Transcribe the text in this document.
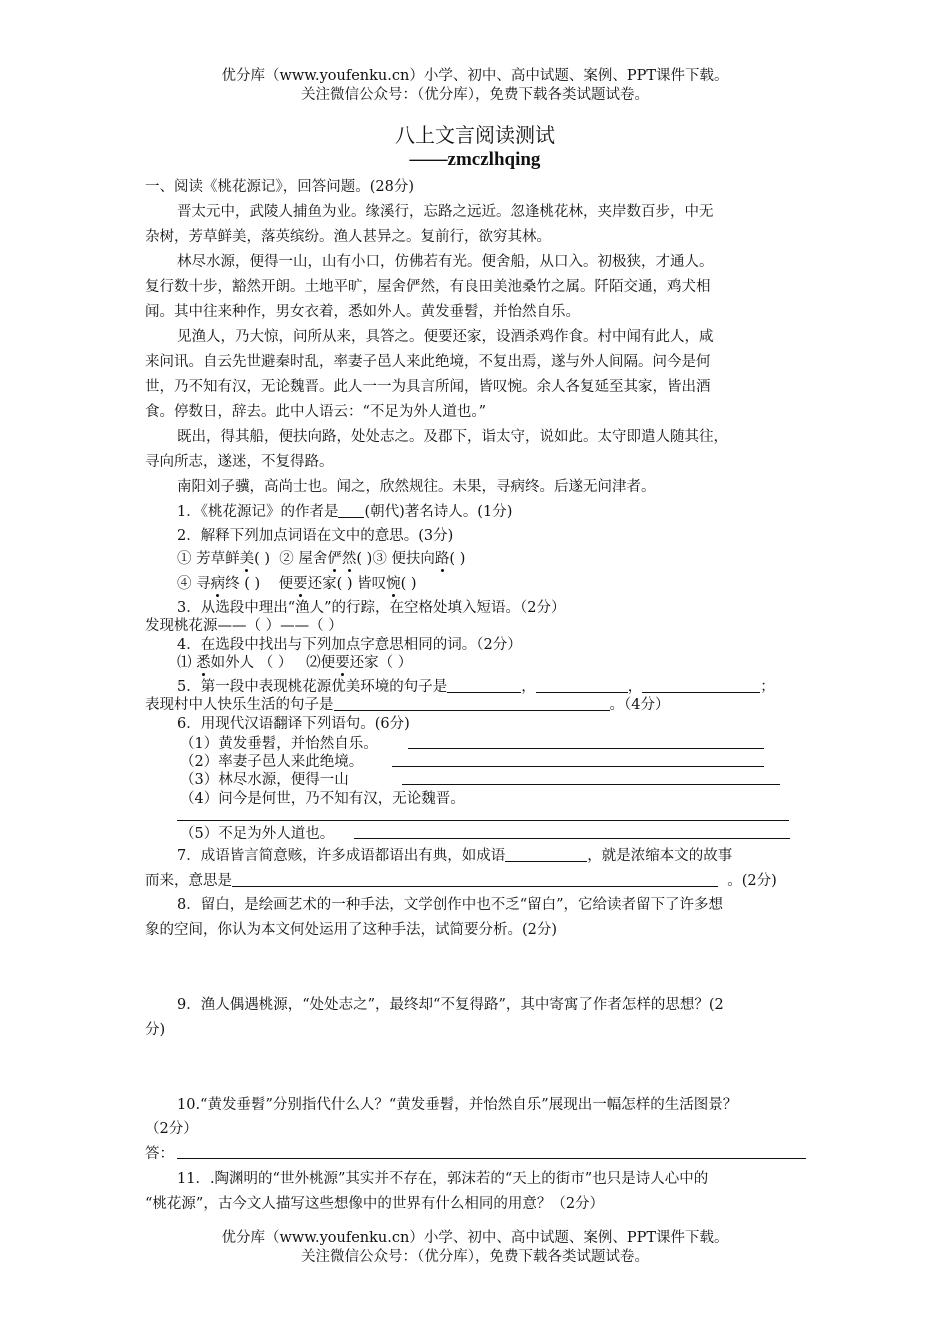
优分库（www.youfenku.cn）小学、初中、高中试题、案例、PPT课件下载。
关注微信公众号：（优分库），免费下载各类试题试卷。
八上文言阅读测试
——zmczlhqing
一、阅读《桃花源记》，回答问题。(28分)
晋太元中，武陵人捕鱼为业。缘溪行，忘路之远近。忽逢桃花林，夹岸数百步，中无
杂树，芳草鲜美，落英缤纷。渔人甚异之。复前行，欲穷其林。
林尽水源，便得一山，山有小口，仿佛若有光。便舍船，从口入。初极狭，才通人。
复行数十步，豁然开朗。土地平旷，屋舍俨然，有良田美池桑竹之属。阡陌交通，鸡犬相
闻。其中往来种作，男女衣着，悉如外人。黄发垂髫，并怡然自乐。
见渔人，乃大惊，问所从来，具答之。便要还家，设酒杀鸡作食。村中闻有此人，咸
来问讯。自云先世避秦时乱，率妻子邑人来此绝境，不复出焉，遂与外人间隔。问今是何
世，乃不知有汉，无论魏晋。此人一一为具言所闻，皆叹惋。余人各复延至其家，皆出酒
食。停数日，辞去。此中人语云：“不足为外人道也。”
既出，得其船，便扶向路，处处志之。及郡下，诣太守，说如此。太守即遣人随其往，
寻向所志，遂迷，不复得路。
南阳刘子骥，高尚士也。闻之，欣然规往。未果，寻病终。后遂无问津者。
1．《桃花源记》的作者是 (朝代)著名诗人。(1分)
2．解释下列加点词语在文中的意思。(3分)
① 芳草鲜美( ) ② 屋舍俨然( )③ 便扶向路( )
④ 寻病终 ( ) 便要还家( ) 皆叹惋( )
3．从选段中理出“渔人”的行踪，在空格处填入短语。（2分）
发现桃花源——（ ）——（ ）
4．在选段中找出与下列加点字意思相同的词。（2分）
⑴ 悉如外人 （ ） ⑵便要还家（ ）
5．第一段中表现桃花源优美环境的句子是	，	，	；
表现村中人快乐生活的句子是	。（4分）
6．用现代汉语翻译下列语句。(6分)
（1）黄发垂髫，并怡然自乐。
（2）率妻子邑人来此绝境。
（3）林尽水源，便得一山
（4）问今是何世，乃不知有汉，无论魏晋。
（5）不足为外人道也。
7．成语皆言简意赅，许多成语都语出有典，如成语	，就是浓缩本文的故事
而来，意思是	。(2分)
8．留白，是绘画艺术的一种手法，文学创作中也不乏“留白”，它给读者留下了许多想
象的空间，你认为本文何处运用了这种手法，试简要分析。(2分)
9．渔人偶遇桃源，“处处志之”，最终却“不复得路”，其中寄寓了作者怎样的思想？(2
分)
10.“黄发垂髫”分别指代什么人？“黄发垂髫，并怡然自乐”展现出一幅怎样的生活图景？
（2分）
答：
11．.陶渊明的“世外桃源”其实并不存在，郭沫若的“天上的街市”也只是诗人心中的
“桃花源”，古今文人描写这些想像中的世界有什么相同的用意？（2分）
优分库（www.youfenku.cn）小学、初中、高中试题、案例、PPT课件下载。
关注微信公众号：（优分库），免费下载各类试题试卷。
